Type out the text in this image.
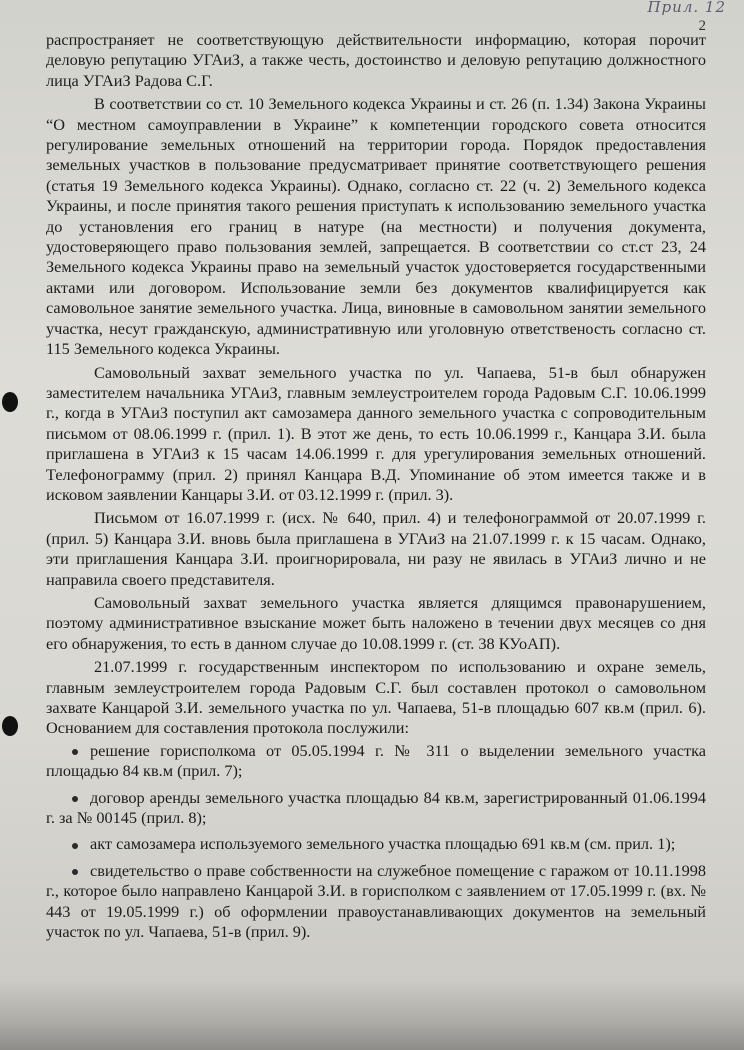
Прил. 12
2

распространяет не соответствующую действительности информацию, которая порочит деловую репутацию УГАиЗ, а также честь, достоинство и деловую репутацию должностного лица УГАиЗ Радова С.Г.

В соответствии со ст. 10 Земельного кодекса Украины и ст. 26 (п. 1.34) Закона Украины “О местном самоуправлении в Украине” к компетенции городского совета относится регулирование земельных отношений на территории города. Порядок предоставления земельных участков в пользование предусматривает принятие соответствующего решения (статья 19 Земельного кодекса Украины). Однако, согласно ст. 22 (ч. 2) Земельного кодекса Украины, и после принятия такого решения приступать к использованию земельного участка до установления его границ в натуре (на местности) и получения документа, удостоверяющего право пользования землей, запрещается. В соответствии со ст.ст 23, 24 Земельного кодекса Украины право на земельный участок удостоверяется государственными актами или договором. Использование земли без документов квалифицируется как самовольное занятие земельного участка. Лица, виновные в самовольном занятии земельного участка, несут гражданскую, административную или уголовную ответственость согласно ст. 115 Земельного кодекса Украины.

Самовольный захват земельного участка по ул. Чапаева, 51-в был обнаружен заместителем начальника УГАиЗ, главным землеустроителем города Радовым С.Г. 10.06.1999 г., когда в УГАиЗ поступил акт самозамера данного земельного участка с сопроводительным письмом от 08.06.1999 г. (прил. 1). В этот же день, то есть 10.06.1999 г., Канцара З.И. была приглашена в УГАиЗ к 15 часам 14.06.1999 г. для урегулирования земельных отношений. Телефонограмму (прил. 2) принял Канцара В.Д. Упоминание об этом имеется также и в исковом заявлении Канцары З.И. от 03.12.1999 г. (прил. 3).

Письмом от 16.07.1999 г. (исх. № 640, прил. 4) и телефонограммой от 20.07.1999 г. (прил. 5) Канцара З.И. вновь была приглашена в УГАиЗ на 21.07.1999 г. к 15 часам. Однако, эти приглашения Канцара З.И. проигнорировала, ни разу не явилась в УГАиЗ лично и не направила своего представителя.

Самовольный захват земельного участка является длящимся правонарушением, поэтому административное взыскание может быть наложено в течении двух месяцев со дня его обнаружения, то есть в данном случае до 10.08.1999 г. (ст. 38 КУоАП).

21.07.1999 г. государственным инспектором по использованию и охране земель, главным землеустроителем города Радовым С.Г. был составлен протокол о самовольном захвате Канцарой З.И. земельного участка по ул. Чапаева, 51-в площадью 607 кв.м (прил. 6). Основанием для составления протокола послужили:

решение горисполкома от 05.05.1994 г. № 311 о выделении земельного участка площадью 84 кв.м (прил. 7);
договор аренды земельного участка площадью 84 кв.м, зарегистрированный 01.06.1994 г. за № 00145 (прил. 8);
акт самозамера используемого земельного участка площадью 691 кв.м (см. прил. 1);
свидетельство о праве собственности на служебное помещение с гаражом от 10.11.1998 г., которое было направлено Канцарой З.И. в горисполком с заявлением от 17.05.1999 г. (вх. № 443 от 19.05.1999 г.) об оформлении правоустанавливающих документов на земельный участок по ул. Чапаева, 51-в (прил. 9).
